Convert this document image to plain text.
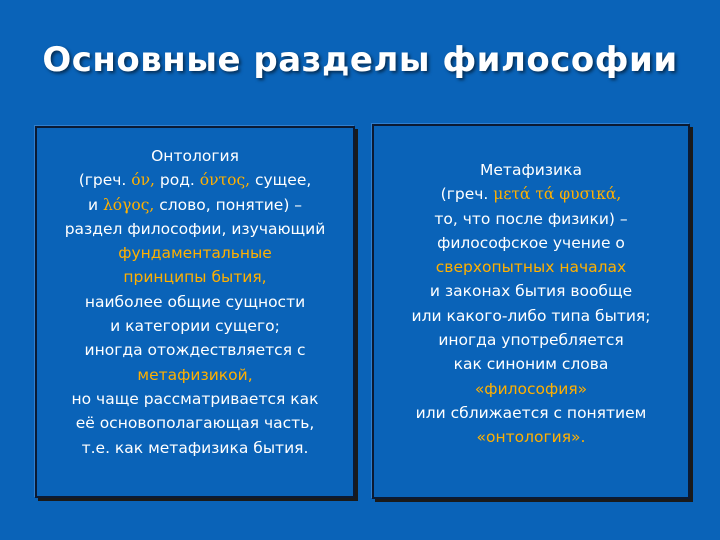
Основные разделы философии
Онтология
(греч. όν, род. όντος, сущее,
и λόγος, слово, понятие) –
раздел философии, изучающий
фундаментальные
принципы бытия,
наиболее общие сущности
и категории сущего;
иногда отождествляется с
метафизикой,
но чаще рассматривается как
её основополагающая часть,
т.е. как метафизика бытия.
Метафизика
(греч. μετά τά φυσικά,
то, что после физики) –
философское учение о
сверхопытных началах
и законах бытия вообще
или какого-либо типа бытия;
иногда употребляется
как синоним слова
«философия»
или сближается с понятием
«онтология».
